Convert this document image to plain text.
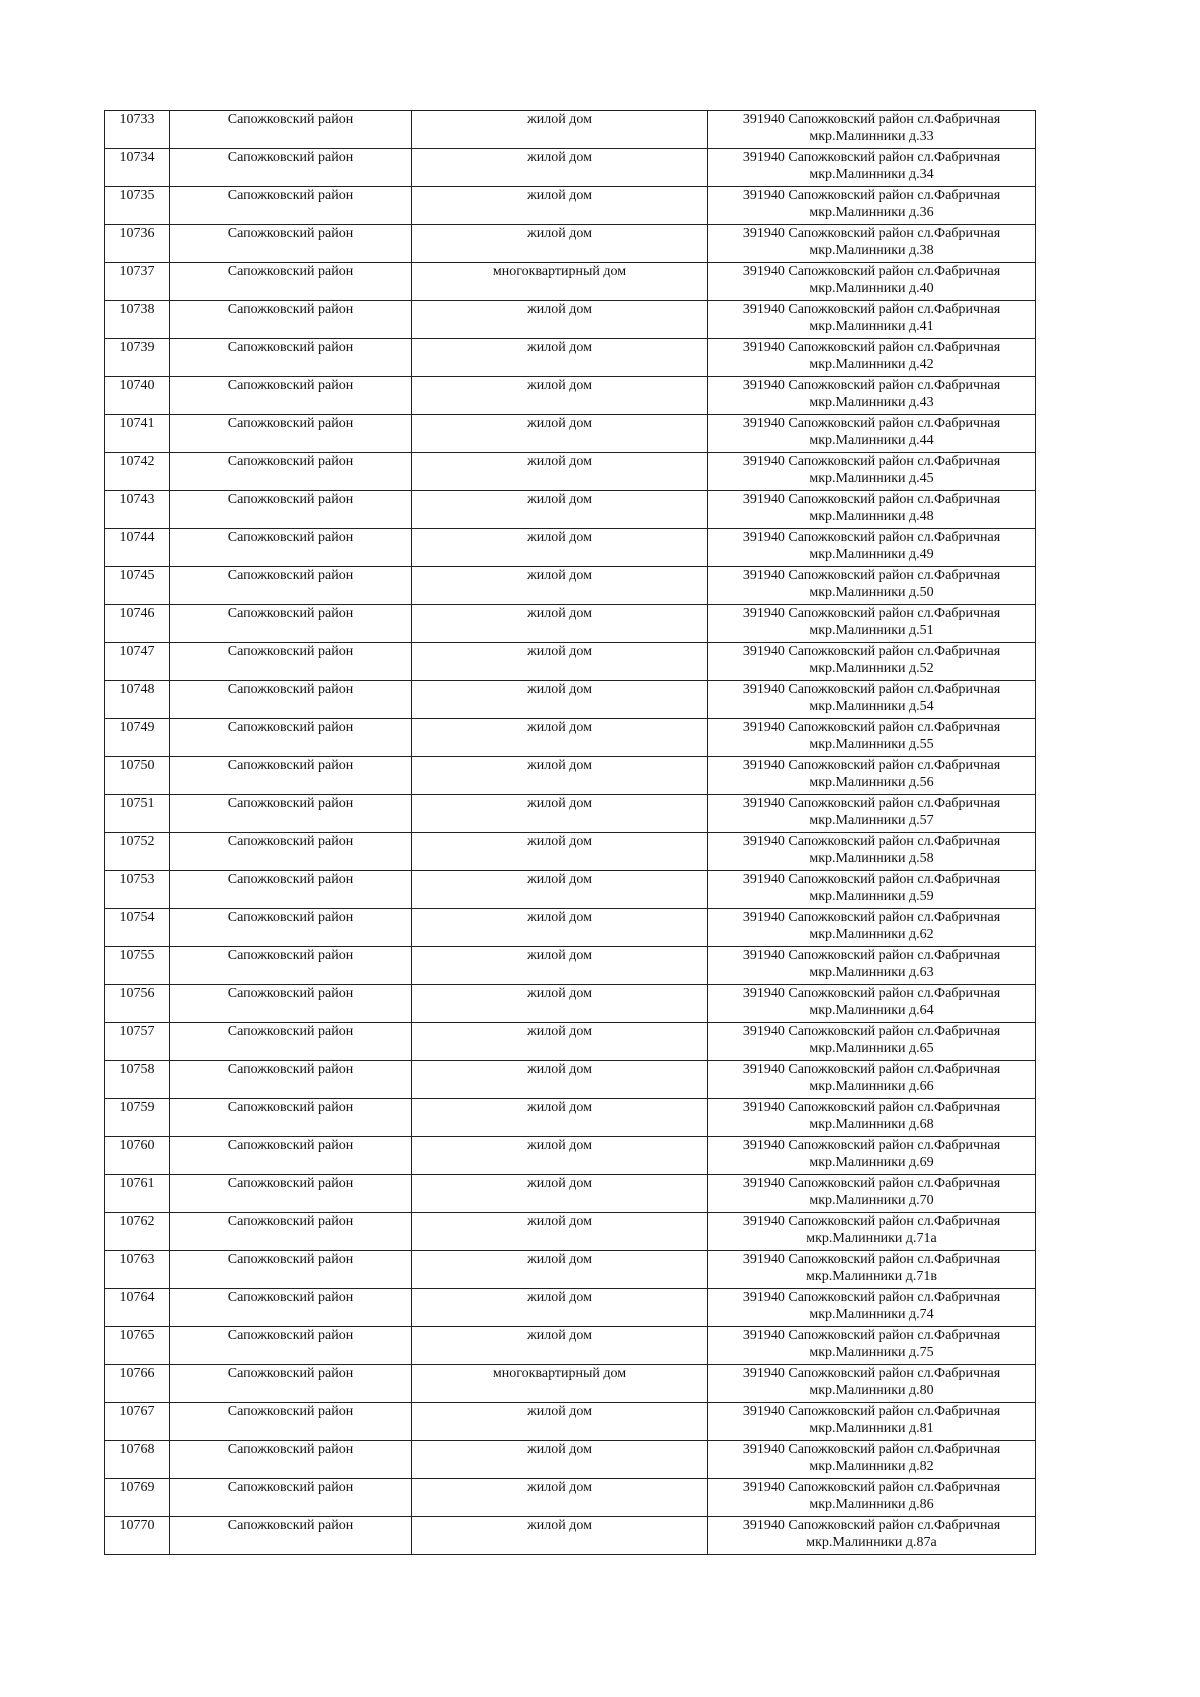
10733	Сапожковский район	жилой дом	391940 Сапожковский район сл.Фабричная
мкр.Малинники д.33

10734	Сапожковский район	жилой дом	391940 Сапожковский район сл.Фабричная
мкр.Малинники д.34

10735	Сапожковский район	жилой дом	391940 Сапожковский район сл.Фабричная
мкр.Малинники д.36

10736	Сапожковский район	жилой дом	391940 Сапожковский район сл.Фабричная
мкр.Малинники д.38

10737	Сапожковский район	многоквартирный дом	391940 Сапожковский район сл.Фабричная
мкр.Малинники д.40

10738	Сапожковский район	жилой дом	391940 Сапожковский район сл.Фабричная
мкр.Малинники д.41

10739	Сапожковский район	жилой дом	391940 Сапожковский район сл.Фабричная
мкр.Малинники д.42

10740	Сапожковский район	жилой дом	391940 Сапожковский район сл.Фабричная
мкр.Малинники д.43

10741	Сапожковский район	жилой дом	391940 Сапожковский район сл.Фабричная
мкр.Малинники д.44

10742	Сапожковский район	жилой дом	391940 Сапожковский район сл.Фабричная
мкр.Малинники д.45

10743	Сапожковский район	жилой дом	391940 Сапожковский район сл.Фабричная
мкр.Малинники д.48

10744	Сапожковский район	жилой дом	391940 Сапожковский район сл.Фабричная
мкр.Малинники д.49

10745	Сапожковский район	жилой дом	391940 Сапожковский район сл.Фабричная
мкр.Малинники д.50

10746	Сапожковский район	жилой дом	391940 Сапожковский район сл.Фабричная
мкр.Малинники д.51

10747	Сапожковский район	жилой дом	391940 Сапожковский район сл.Фабричная
мкр.Малинники д.52

10748	Сапожковский район	жилой дом	391940 Сапожковский район сл.Фабричная
мкр.Малинники д.54

10749	Сапожковский район	жилой дом	391940 Сапожковский район сл.Фабричная
мкр.Малинники д.55

10750	Сапожковский район	жилой дом	391940 Сапожковский район сл.Фабричная
мкр.Малинники д.56

10751	Сапожковский район	жилой дом	391940 Сапожковский район сл.Фабричная
мкр.Малинники д.57

10752	Сапожковский район	жилой дом	391940 Сапожковский район сл.Фабричная
мкр.Малинники д.58

10753	Сапожковский район	жилой дом	391940 Сапожковский район сл.Фабричная
мкр.Малинники д.59

10754	Сапожковский район	жилой дом	391940 Сапожковский район сл.Фабричная
мкр.Малинники д.62

10755	Сапожковский район	жилой дом	391940 Сапожковский район сл.Фабричная
мкр.Малинники д.63

10756	Сапожковский район	жилой дом	391940 Сапожковский район сл.Фабричная
мкр.Малинники д.64

10757	Сапожковский район	жилой дом	391940 Сапожковский район сл.Фабричная
мкр.Малинники д.65

10758	Сапожковский район	жилой дом	391940 Сапожковский район сл.Фабричная
мкр.Малинники д.66

10759	Сапожковский район	жилой дом	391940 Сапожковский район сл.Фабричная
мкр.Малинники д.68

10760	Сапожковский район	жилой дом	391940 Сапожковский район сл.Фабричная
мкр.Малинники д.69

10761	Сапожковский район	жилой дом	391940 Сапожковский район сл.Фабричная
мкр.Малинники д.70

10762	Сапожковский район	жилой дом	391940 Сапожковский район сл.Фабричная
мкр.Малинники д.71а

10763	Сапожковский район	жилой дом	391940 Сапожковский район сл.Фабричная
мкр.Малинники д.71в

10764	Сапожковский район	жилой дом	391940 Сапожковский район сл.Фабричная
мкр.Малинники д.74

10765	Сапожковский район	жилой дом	391940 Сапожковский район сл.Фабричная
мкр.Малинники д.75

10766	Сапожковский район	многоквартирный дом	391940 Сапожковский район сл.Фабричная
мкр.Малинники д.80

10767	Сапожковский район	жилой дом	391940 Сапожковский район сл.Фабричная
мкр.Малинники д.81

10768	Сапожковский район	жилой дом	391940 Сапожковский район сл.Фабричная
мкр.Малинники д.82

10769	Сапожковский район	жилой дом	391940 Сапожковский район сл.Фабричная
мкр.Малинники д.86

10770	Сапожковский район	жилой дом	391940 Сапожковский район сл.Фабричная
мкр.Малинники д.87а
